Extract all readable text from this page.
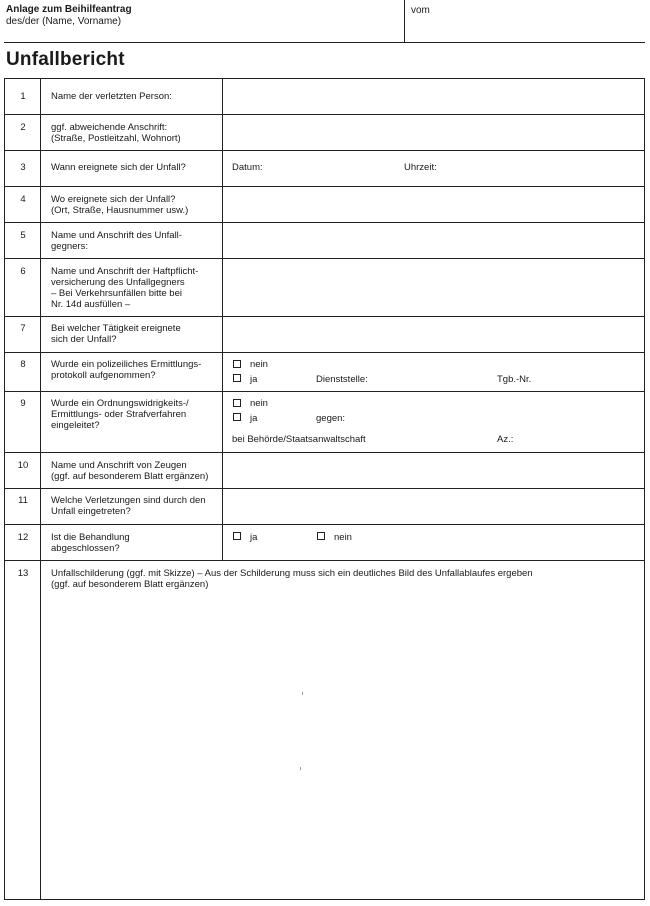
Anlage zum Beihilfeantrag
des/der (Name, Vorname)
vom
Unfallbericht
1	Name der verletzten Person:
2	ggf. abweichende Anschrift:
(Straße, Postleitzahl, Wohnort)
3	Wann ereignete sich der Unfall?	Datum:	Uhrzeit:
4	Wo ereignete sich der Unfall?
(Ort, Straße, Hausnummer usw.)
5	Name und Anschrift des Unfall-
gegners:
6	Name und Anschrift der Haftpflicht-
versicherung des Unfallgegners
– Bei Verkehrsunfällen bitte bei
Nr. 14d ausfüllen –
7	Bei welcher Tätigkeit ereignete
sich der Unfall?
8	Wurde ein polizeiliches Ermittlungs-
protokoll aufgenommen?
nein
ja	Dienststelle:	Tgb.-Nr.
9	Wurde ein Ordnungswidrigkeits-/
Ermittlungs- oder Strafverfahren
eingeleitet?
nein
ja	gegen:
bei Behörde/Staatsanwaltschaft	Az.:
10	Name und Anschrift von Zeugen
(ggf. auf besonderem Blatt ergänzen)
11	Welche Verletzungen sind durch den
Unfall eingetreten?
12	Ist die Behandlung
abgeschlossen?
ja	nein
13	Unfallschilderung (ggf. mit Skizze) – Aus der Schilderung muss sich ein deutliches Bild des Unfallablaufes ergeben
(ggf. auf besonderem Blatt ergänzen)
